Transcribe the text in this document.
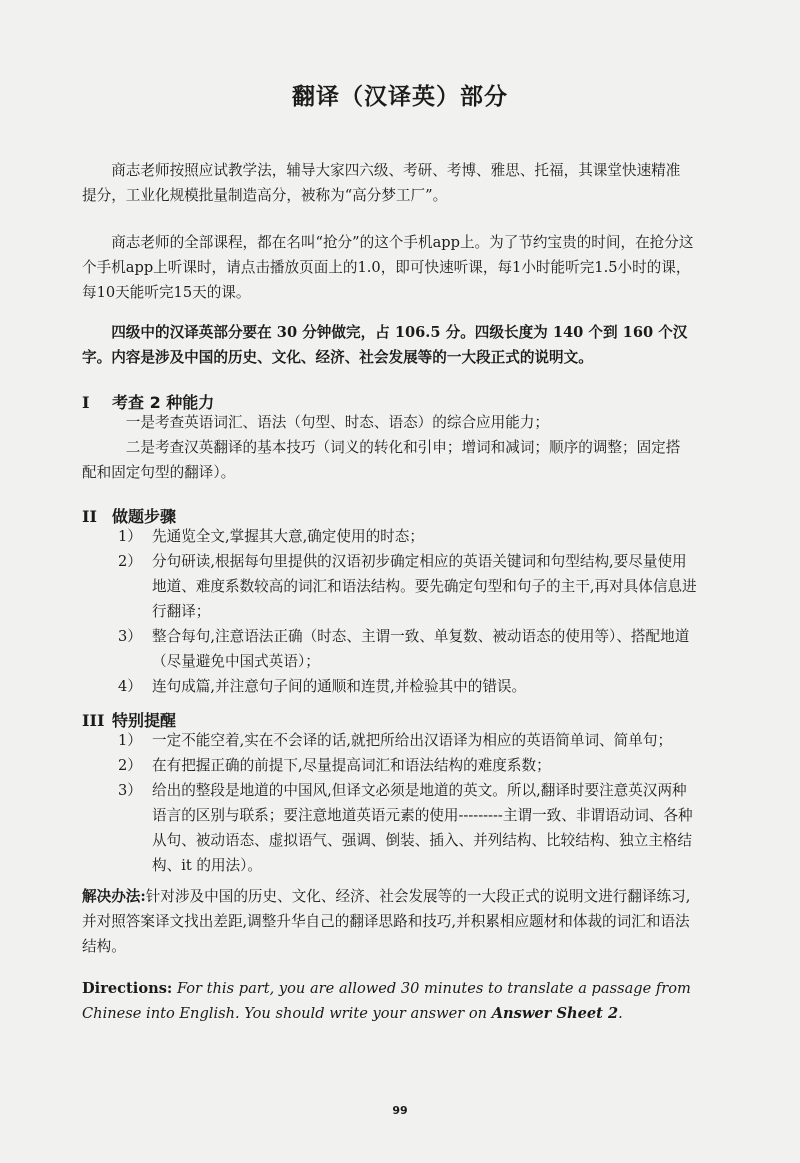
翻译（汉译英）部分
商志老师按照应试教学法，辅导大家四六级、考研、考博、雅思、托福，其课堂快速精准提分，工业化规模批量制造高分，被称为“高分梦工厂”。
商志老师的全部课程，都在名叫“抢分”的这个手机app上。为了节约宝贵的时间，在抢分这个手机app上听课时，请点击播放页面上的1.0，即可快速听课，每1小时能听完1.5小时的课，每10天能听完15天的课。
四级中的汉译英部分要在 30 分钟做完，占 106.5 分。四级长度为 140 个到 160 个汉字。内容是涉及中国的历史、文化、经济、社会发展等的一大段正式的说明文。
I 考查 2 种能力
一是考查英语词汇、语法（句型、时态、语态）的综合应用能力；
二是考查汉英翻译的基本技巧（词义的转化和引申；增词和减词；顺序的调整；固定搭配和固定句型的翻译）。
II 做题步骤
1） 先通览全文,掌握其大意,确定使用的时态；
2） 分句研读,根据每句里提供的汉语初步确定相应的英语关键词和句型结构,要尽量使用地道、难度系数较高的词汇和语法结构。要先确定句型和句子的主干,再对具体信息进行翻译；
3） 整合每句,注意语法正确（时态、主谓一致、单复数、被动语态的使用等）、搭配地道（尽量避免中国式英语）；
4） 连句成篇,并注意句子间的通顺和连贯,并检验其中的错误。
III 特别提醒
1） 一定不能空着,实在不会译的话,就把所给出汉语译为相应的英语简单词、简单句；
2） 在有把握正确的前提下,尽量提高词汇和语法结构的难度系数；
3） 给出的整段是地道的中国风,但译文必须是地道的英文。所以,翻译时要注意英汉两种语言的区别与联系；要注意地道英语元素的使用---------主谓一致、非谓语动词、各种从句、被动语态、虚拟语气、强调、倒装、插入、并列结构、比较结构、独立主格结构、it 的用法）。
解决办法:针对涉及中国的历史、文化、经济、社会发展等的一大段正式的说明文进行翻译练习,并对照答案译文找出差距,调整升华自己的翻译思路和技巧,并积累相应题材和体裁的词汇和语法结构。
Directions: For this part, you are allowed 30 minutes to translate a passage from Chinese into English. You should write your answer on Answer Sheet 2.
99
